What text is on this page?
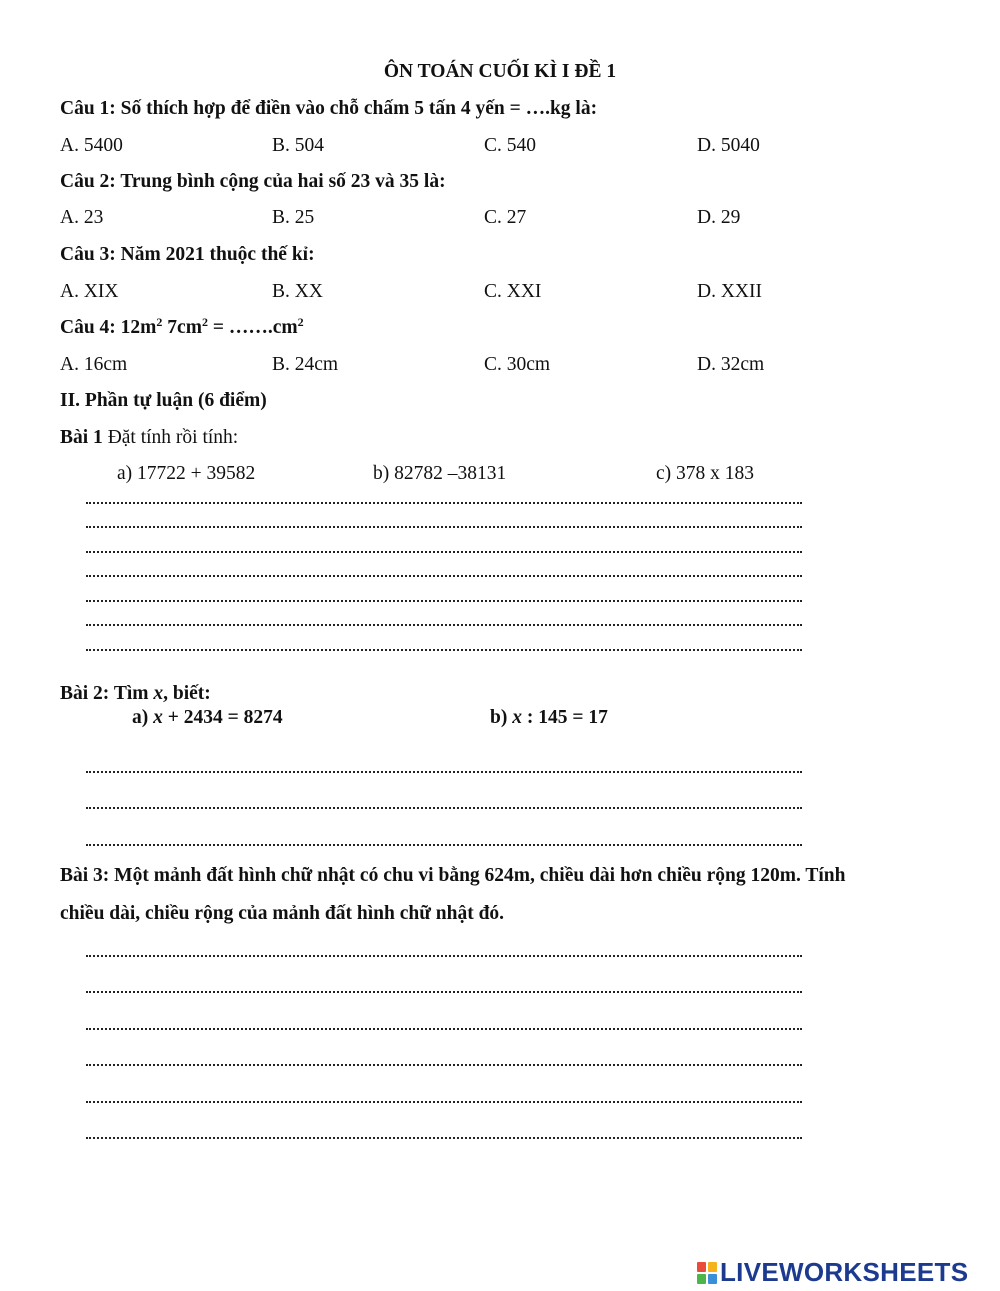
ÔN TOÁN CUỐI KÌ I ĐỀ 1
Câu 1: Số thích hợp để điền vào chỗ chấm 5 tấn 4 yến = ….kg là:
A. 5400	B. 504	C. 540	D. 5040
Câu 2: Trung bình cộng của hai số 23 và 35 là:
A. 23	B. 25	C. 27	D. 29
Câu 3: Năm 2021 thuộc thế kỉ:
A. XIX	B. XX	C. XXI	D. XXII
Câu 4: $12m^2$ $7cm^2$ = $\dots\dots.cm^2$
A. 16cm	B. 24cm	C. 30cm	D. 32cm
II. Phần tự luận (6 điểm)
Bài 1 Đặt tính rồi tính:
a) 17722 + 39582	b) 82782 –38131	c) 378 x 183
Bài 2: Tìm x, biết:
a) x + 2434 = 8274	b) x : 145 = 17
Bài 3: Một mảnh đất hình chữ nhật có chu vi bằng 624m, chiều dài hơn chiều rộng 120m. Tính
chiều dài, chiều rộng của mảnh đất hình chữ nhật đó.
LIVEWORKSHEETS
